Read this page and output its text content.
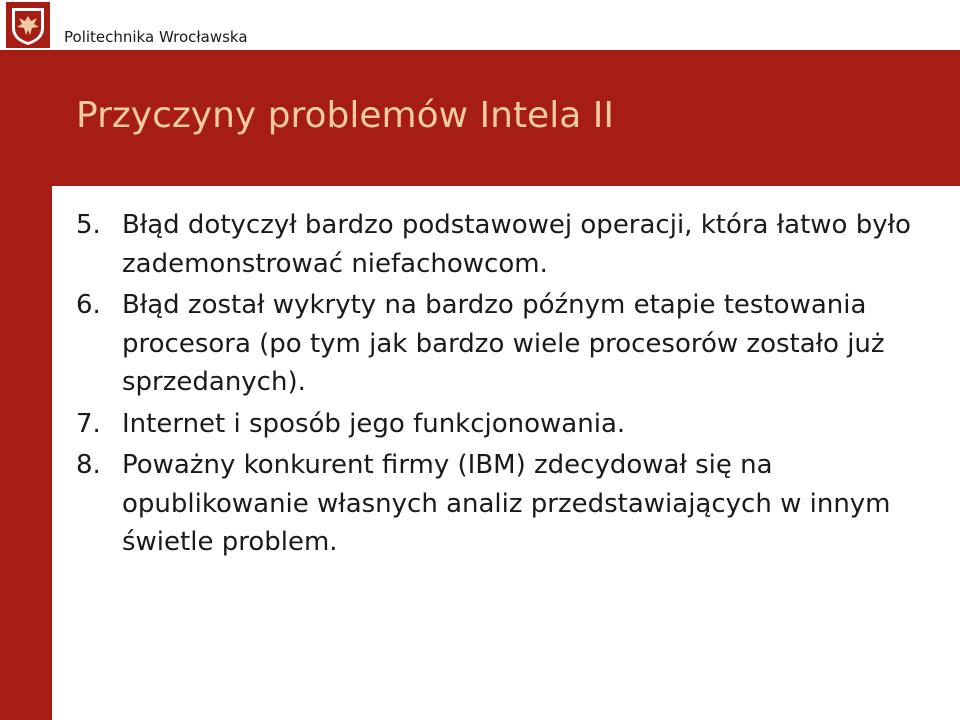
Politechnika Wrocławska
Przyczyny problemów Intela II
5. Błąd dotyczył bardzo podstawowej operacji, która łatwo było zademonstrować niefachowcom.
6. Błąd został wykryty na bardzo późnym etapie testowania procesora (po tym jak bardzo wiele procesorów zostało już sprzedanych).
7. Internet i sposób jego funkcjonowania.
8. Poważny konkurent firmy (IBM) zdecydował się na opublikowanie własnych analiz przedstawiających w innym świetle problem.
